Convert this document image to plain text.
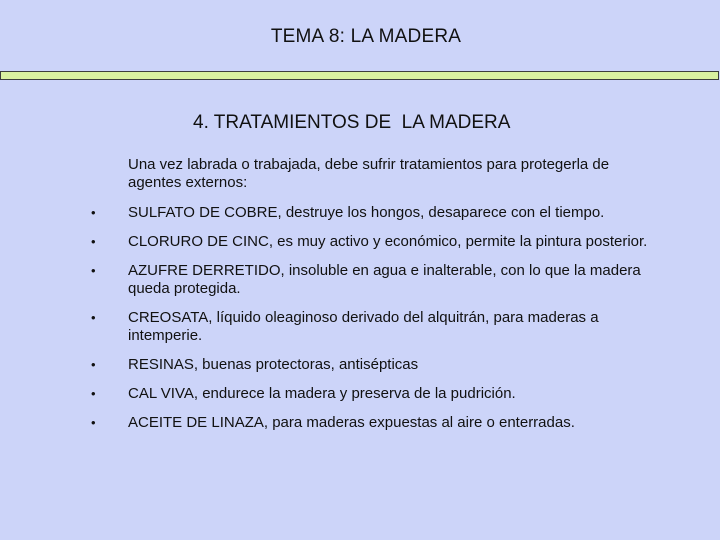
TEMA 8: LA MADERA
4. TRATAMIENTOS DE  LA MADERA
Una vez labrada o trabajada, debe sufrir tratamientos para protegerla de agentes externos:
•	SULFATO DE COBRE, destruye los hongos, desaparece con el tiempo.
•	CLORURO DE CINC, es muy activo y económico, permite la pintura posterior.
•	AZUFRE DERRETIDO, insoluble en agua e inalterable, con lo que la madera queda protegida.
•	CREOSATA, líquido oleaginoso derivado del alquitrán, para maderas a intemperie.
•	RESINAS, buenas protectoras, antisépticas
•	CAL VIVA, endurece la madera y preserva de la pudrición.
•	ACEITE DE LINAZA, para maderas expuestas al aire o enterradas.
